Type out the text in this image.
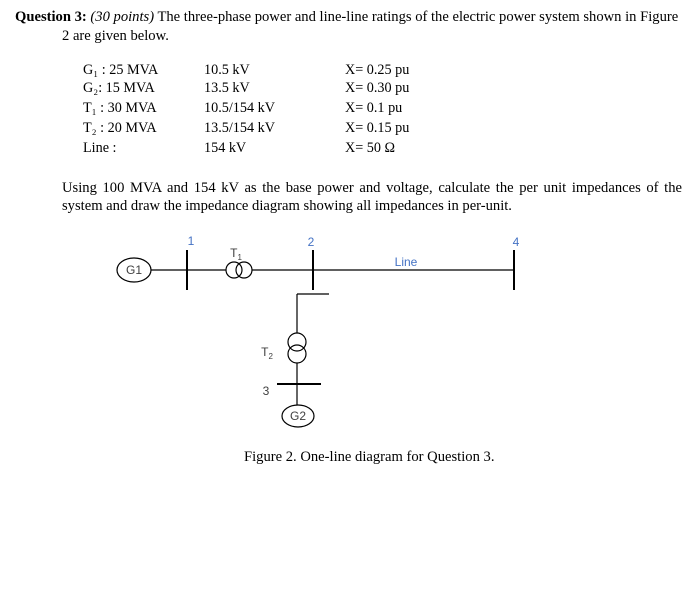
Question 3: (30 points) The three-phase power and line-line ratings of the electric power system shown in Figure
2 are given below.
G₁ : 25 MVA
G₂: 15 MVA
T₁ : 30 MVA
T₂ : 20 MVA
Line :
10.5 kV
13.5 kV
10.5/154 kV
13.5/154 kV
154 kV
X= 0.25 pu
X= 0.30 pu
X= 0.1 pu
X= 0.15 pu
X= 50 Ω
Using 100 MVA and 154 kV as the base power and voltage, calculate the per unit impedances of the system and draw the impedance diagram showing all impedances in per-unit.
G1
1
$T_1$
2
Line
4
$T_2$
3
G2
Figure 2. One-line diagram for Question 3.
